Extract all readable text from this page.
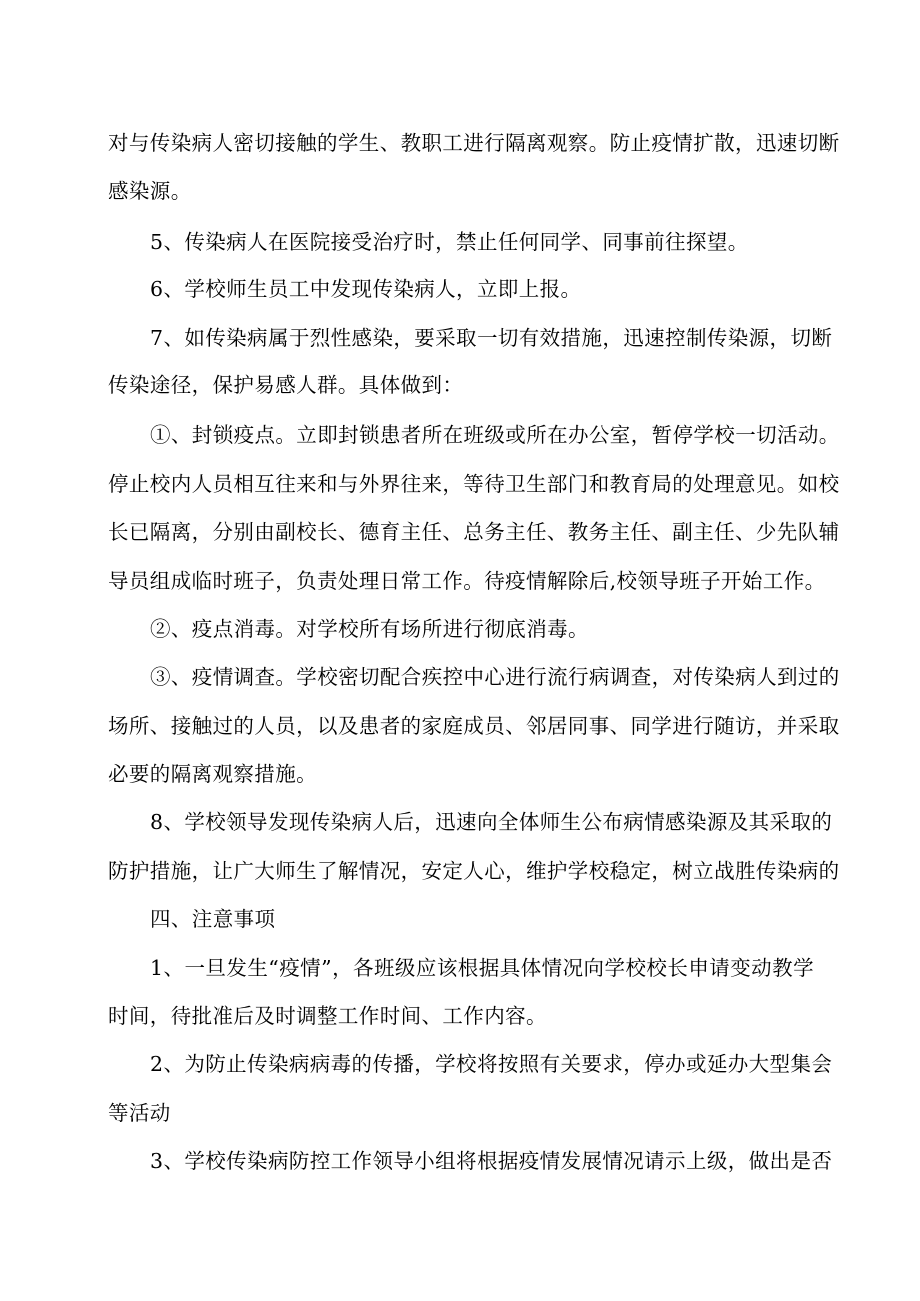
对与传染病人密切接触的学生、教职工进行隔离观察。防止疫情扩散，迅速切断
感染源。
5、传染病人在医院接受治疗时，禁止任何同学、同事前往探望。
6、学校师生员工中发现传染病人，立即上报。
7、如传染病属于烈性感染，要采取一切有效措施，迅速控制传染源，切断
传染途径，保护易感人群。具体做到：
①、封锁疫点。立即封锁患者所在班级或所在办公室，暂停学校一切活动。
停止校内人员相互往来和与外界往来，等待卫生部门和教育局的处理意见。如校
长已隔离，分别由副校长、德育主任、总务主任、教务主任、副主任、少先队辅
导员组成临时班子，负责处理日常工作。待疫情解除后,校领导班子开始工作。
②、疫点消毒。对学校所有场所进行彻底消毒。
③、疫情调查。学校密切配合疾控中心进行流行病调查，对传染病人到过的
场所、接触过的人员，以及患者的家庭成员、邻居同事、同学进行随访，并采取
必要的隔离观察措施。
8、学校领导发现传染病人后，迅速向全体师生公布病情感染源及其采取的
防护措施，让广大师生了解情况，安定人心，维护学校稳定，树立战胜传染病的
四、注意事项
1、一旦发生“疫情”，各班级应该根据具体情况向学校校长申请变动教学
时间，待批准后及时调整工作时间、工作内容。
2、为防止传染病病毒的传播，学校将按照有关要求，停办或延办大型集会
等活动
3、学校传染病防控工作领导小组将根据疫情发展情况请示上级，做出是否
